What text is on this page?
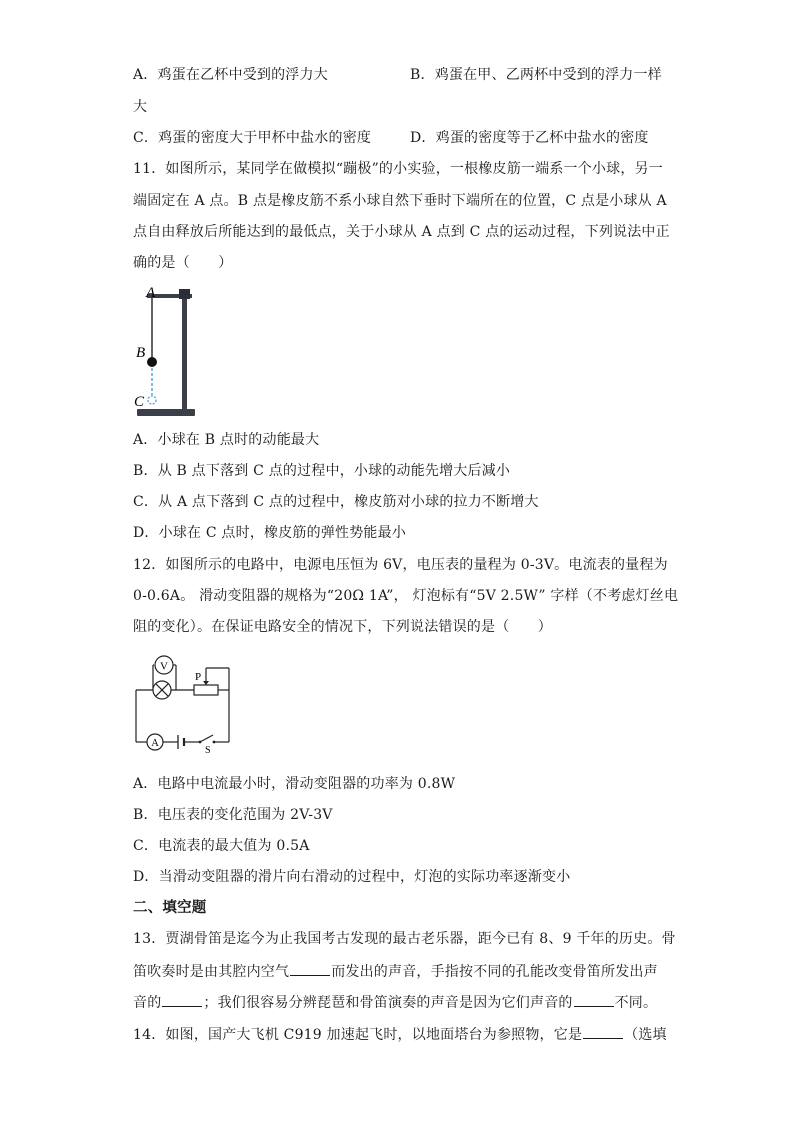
A．鸡蛋在乙杯中受到的浮力大	B．鸡蛋在甲、乙两杯中受到的浮力一样
大
C．鸡蛋的密度大于甲杯中盐水的密度	D．鸡蛋的密度等于乙杯中盐水的密度
11．如图所示，某同学在做模拟“蹦极”的小实验，一根橡皮筋一端系一个小球，另一
端固定在 A 点。B 点是橡皮筋不系小球自然下垂时下端所在的位置，C 点是小球从 A
点自由释放后所能达到的最低点，关于小球从 A 点到 C 点的运动过程，下列说法中正
确的是（　　）
A
B
C
A．小球在 B 点时的动能最大
B．从 B 点下落到 C 点的过程中，小球的动能先增大后减小
C．从 A 点下落到 C 点的过程中，橡皮筋对小球的拉力不断增大
D．小球在 C 点时，橡皮筋的弹性势能最小
12．如图所示的电路中，电源电压恒为 6V，电压表的量程为 0-3V。电流表的量程为
0-0.6A。 滑动变阻器的规格为“20Ω 1A”， 灯泡标有“5V 2.5W” 字样（不考虑灯丝电
阻的变化）。在保证电路安全的情况下，下列说法错误的是（　　）
V
A
P
S
A．电路中电流最小时，滑动变阻器的功率为 0.8W
B．电压表的变化范围为 2V-3V
C．电流表的最大值为 0.5A
D．当滑动变阻器的滑片向右滑动的过程中，灯泡的实际功率逐渐变小
二、填空题
13．贾湖骨笛是迄今为止我国考古发现的最古老乐器，距今已有 8、9 千年的历史。骨
笛吹奏时是由其腔内空气	而发出的声音，手指按不同的孔能改变骨笛所发出声
音的	；我们很容易分辨琵琶和骨笛演奏的声音是因为它们声音的	不同。
14．如图，国产大飞机 C919 加速起飞时，以地面塔台为参照物，它是	（选填
